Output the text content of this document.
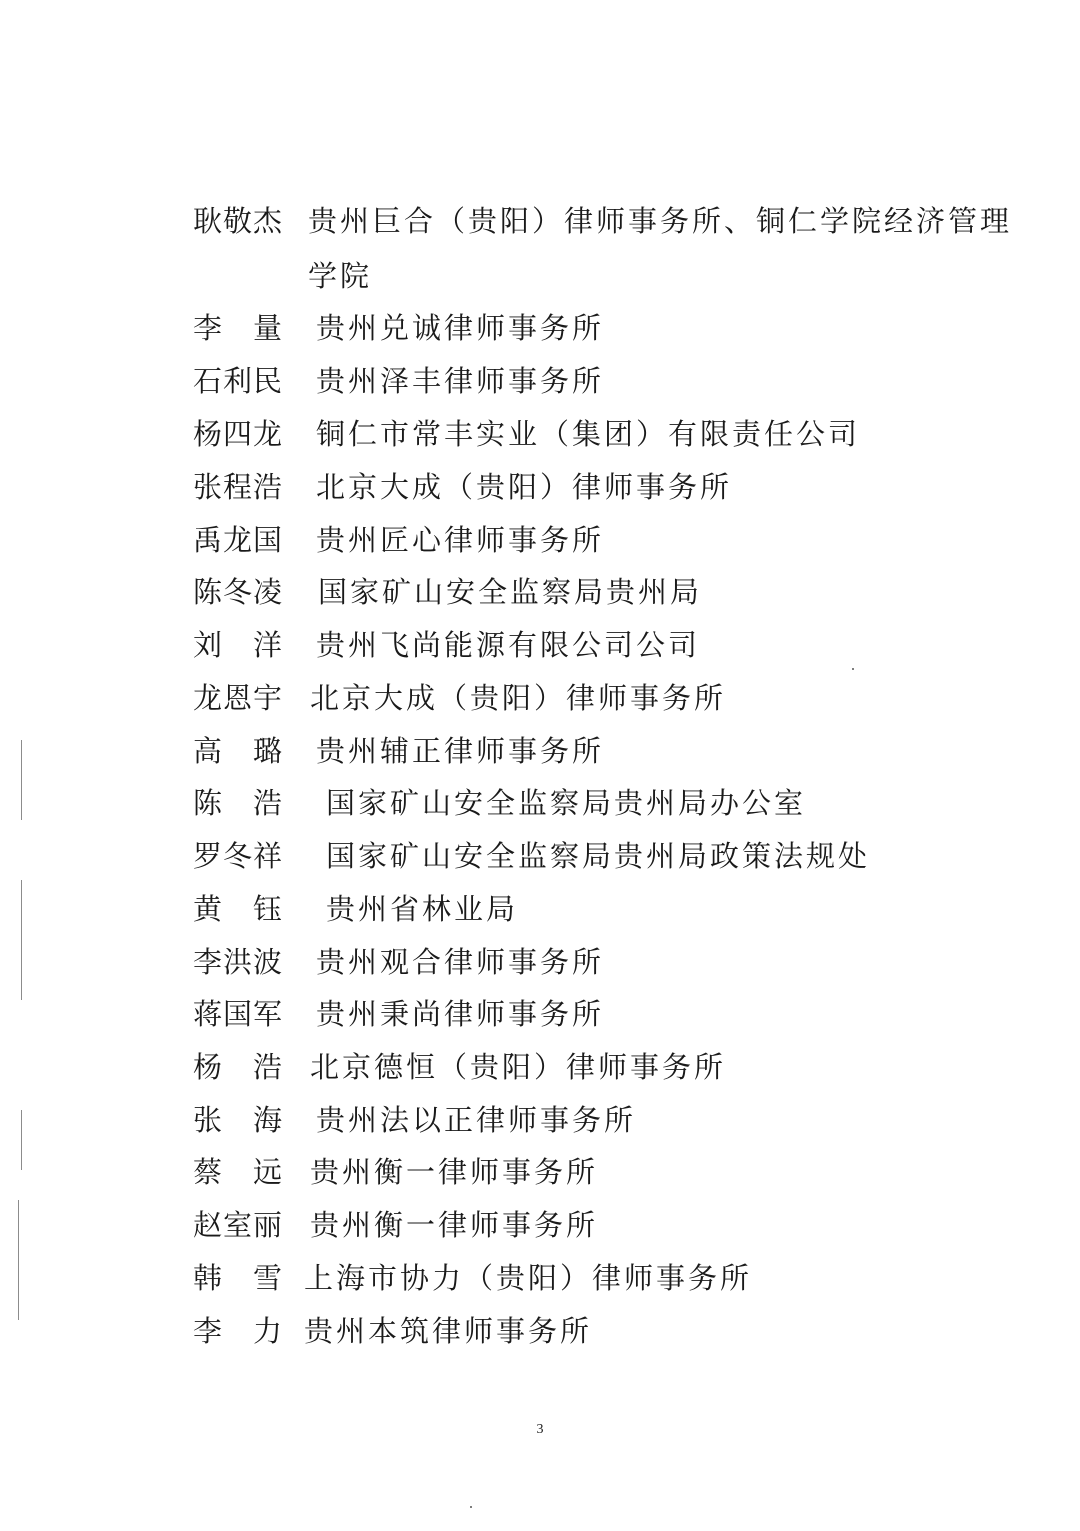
耿敬杰 贵州巨合（贵阳）律师事务所、铜仁学院经济管理
学院
李　量	贵州兑诚律师事务所
石利民	贵州泽丰律师事务所
杨四龙	铜仁市常丰实业（集团）有限责任公司
张程浩	北京大成（贵阳）律师事务所
禹龙国	贵州匠心律师事务所
陈冬凌	国家矿山安全监察局贵州局
刘　洋	贵州飞尚能源有限公司公司
龙恩宇 北京大成（贵阳）律师事务所
高　璐	贵州辅正律师事务所
陈　浩	国家矿山安全监察局贵州局办公室
罗冬祥	国家矿山安全监察局贵州局政策法规处
黄　钰	贵州省林业局
李洪波	贵州观合律师事务所
蒋国军	贵州秉尚律师事务所
杨　浩 北京德恒（贵阳）律师事务所
张　海	贵州法以正律师事务所
蔡　远 贵州衡一律师事务所
赵室丽 贵州衡一律师事务所
韩　雪 上海市协力（贵阳）律师事务所
李　力 贵州本筑律师事务所
3
